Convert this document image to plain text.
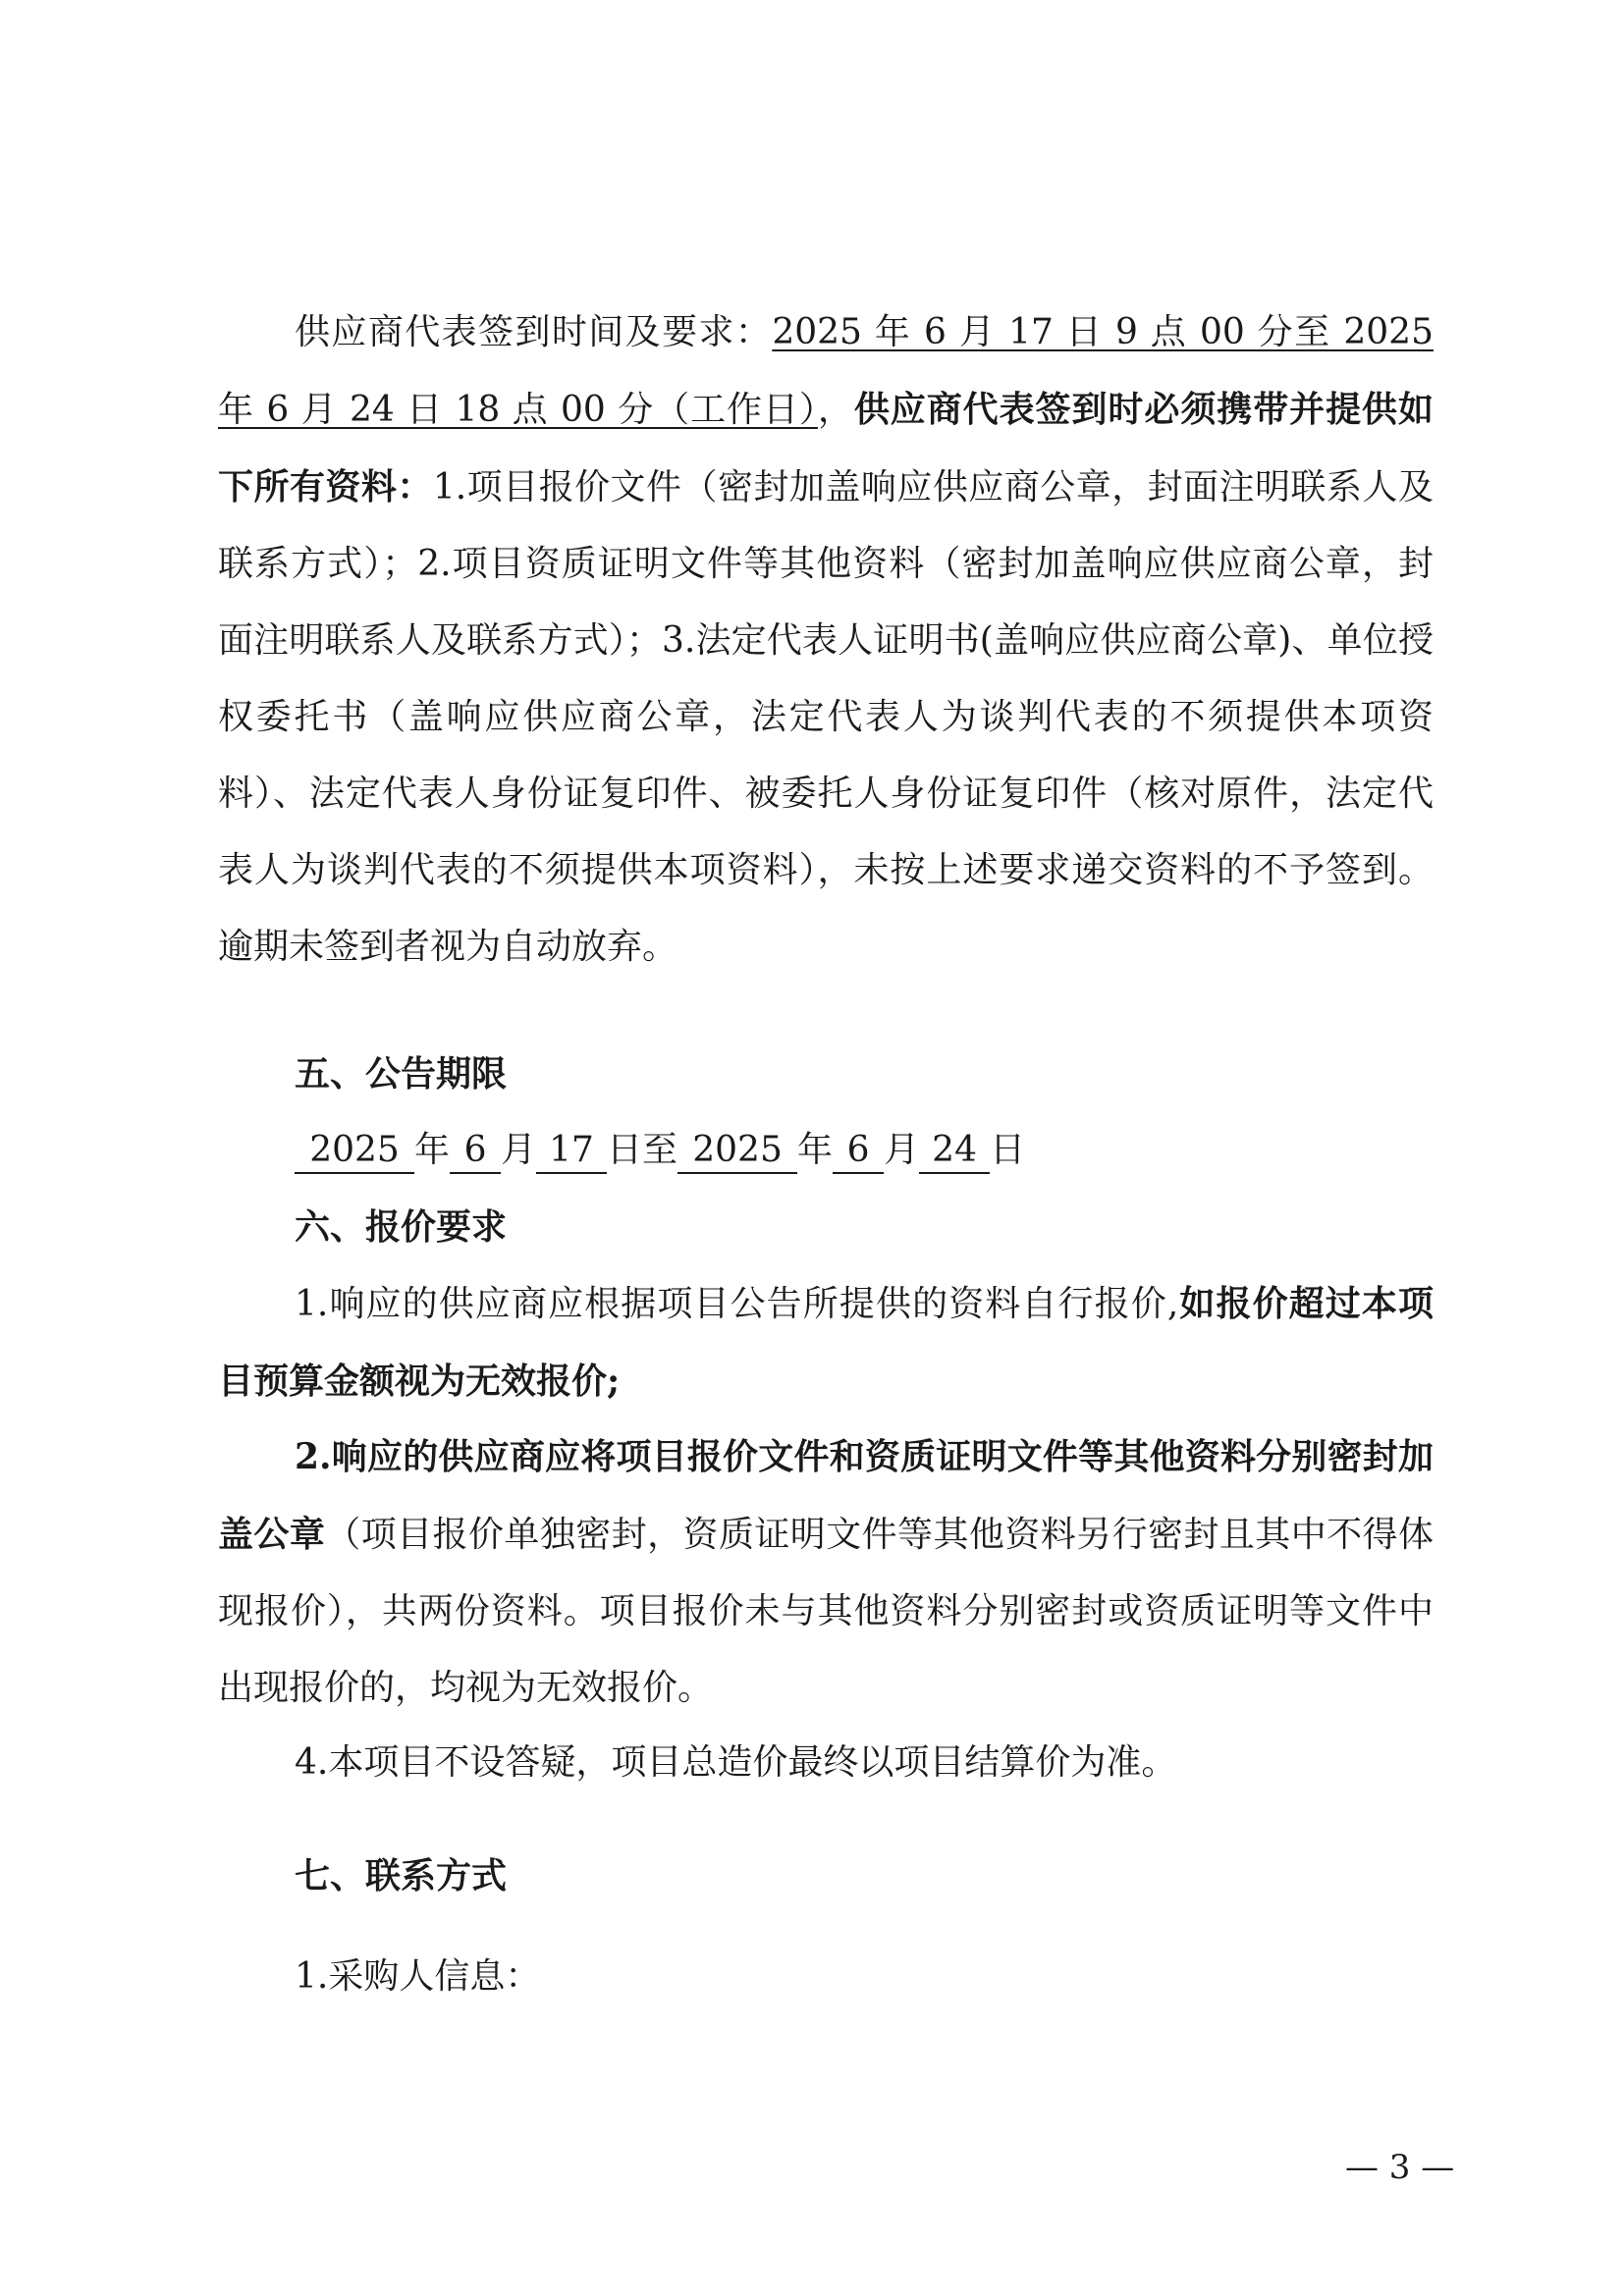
供应商代表签到时间及要求：2025 年 6 月 17 日 9 点 00 分至 2025 年 6 月 24 日 18 点 00 分（工作日），供应商代表签到时必须携带并提供如下所有资料：1.项目报价文件（密封加盖响应供应商公章，封面注明联系人及联系方式）；2.项目资质证明文件等其他资料（密封加盖响应供应商公章，封面注明联系人及联系方式）；3.法定代表人证明书(盖响应供应商公章)、单位授权委托书（盖响应供应商公章，法定代表人为谈判代表的不须提供本项资料）、法定代表人身份证复印件、被委托人身份证复印件（核对原件，法定代表人为谈判代表的不须提供本项资料），未按上述要求递交资料的不予签到。逾期未签到者视为自动放弃。

五、公告期限

2025 年 6 月 17 日至 2025 年 6 月 24 日

六、报价要求

1.响应的供应商应根据项目公告所提供的资料自行报价,如报价超过本项目预算金额视为无效报价;

2.响应的供应商应将项目报价文件和资质证明文件等其他资料分别密封加盖公章（项目报价单独密封，资质证明文件等其他资料另行密封且其中不得体现报价），共两份资料。项目报价未与其他资料分别密封或资质证明等文件中出现报价的，均视为无效报价。

4.本项目不设答疑，项目总造价最终以项目结算价为准。

七、联系方式

1.采购人信息：

— 3 —
